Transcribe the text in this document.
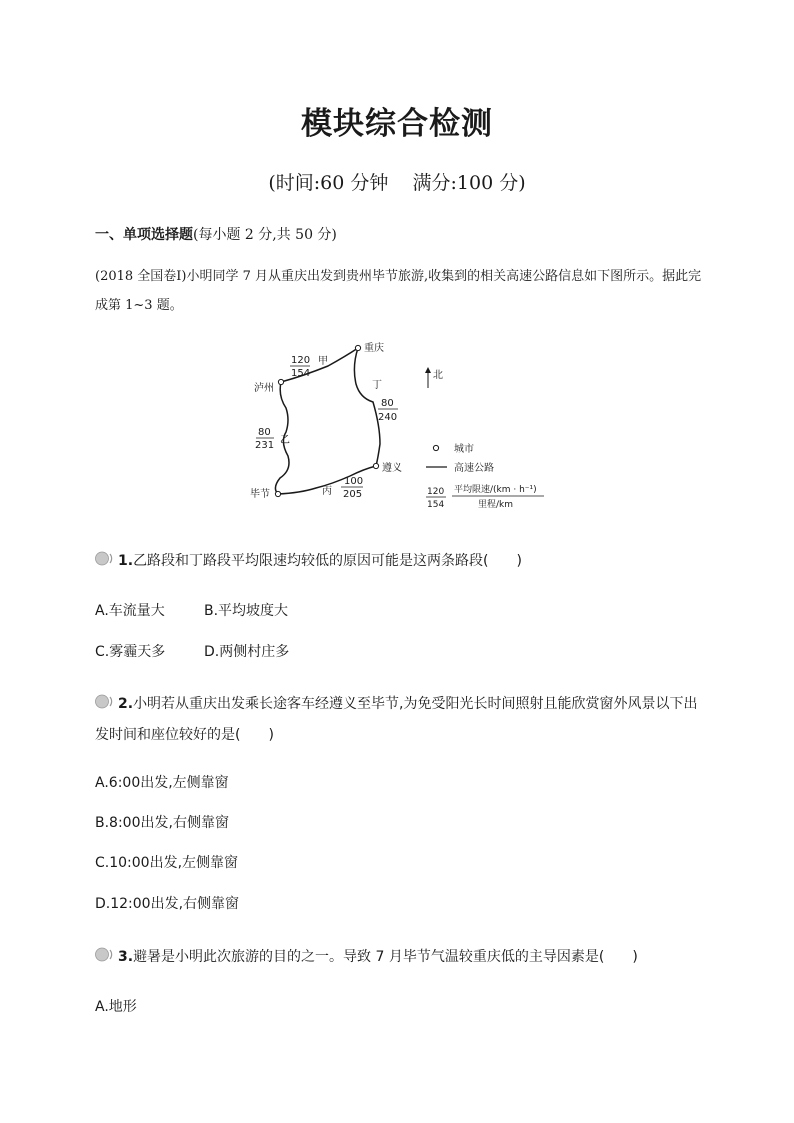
模块综合检测
(时间:60 分钟    满分:100 分)
一、单项选择题(每小题 2 分,共 50 分)
(2018 全国卷Ⅰ)小明同学 7 月从重庆出发到贵州毕节旅游,收集到的相关高速公路信息如下图所示。据此完成第 1~3 题。
重庆
泸州
遵义
毕节
甲
120
154
丁
80
240
乙
80
231
丙
100
205
北
城市
高速公路
120
154
平均限速/(km · h⁻¹)
里程/km
1.乙路段和丁路段平均限速均较低的原因可能是这两条路段(　　)
A.车流量大	B.平均坡度大
C.雾霾天多	D.两侧村庄多
2.小明若从重庆出发乘长途客车经遵义至毕节,为免受阳光长时间照射且能欣赏窗外风景以下出发时间和座位较好的是(　　)
A.6:00出发,左侧靠窗
B.8:00出发,右侧靠窗
C.10:00出发,左侧靠窗
D.12:00出发,右侧靠窗
3.避暑是小明此次旅游的目的之一。导致 7 月毕节气温较重庆低的主导因素是(　　)
A.地形
